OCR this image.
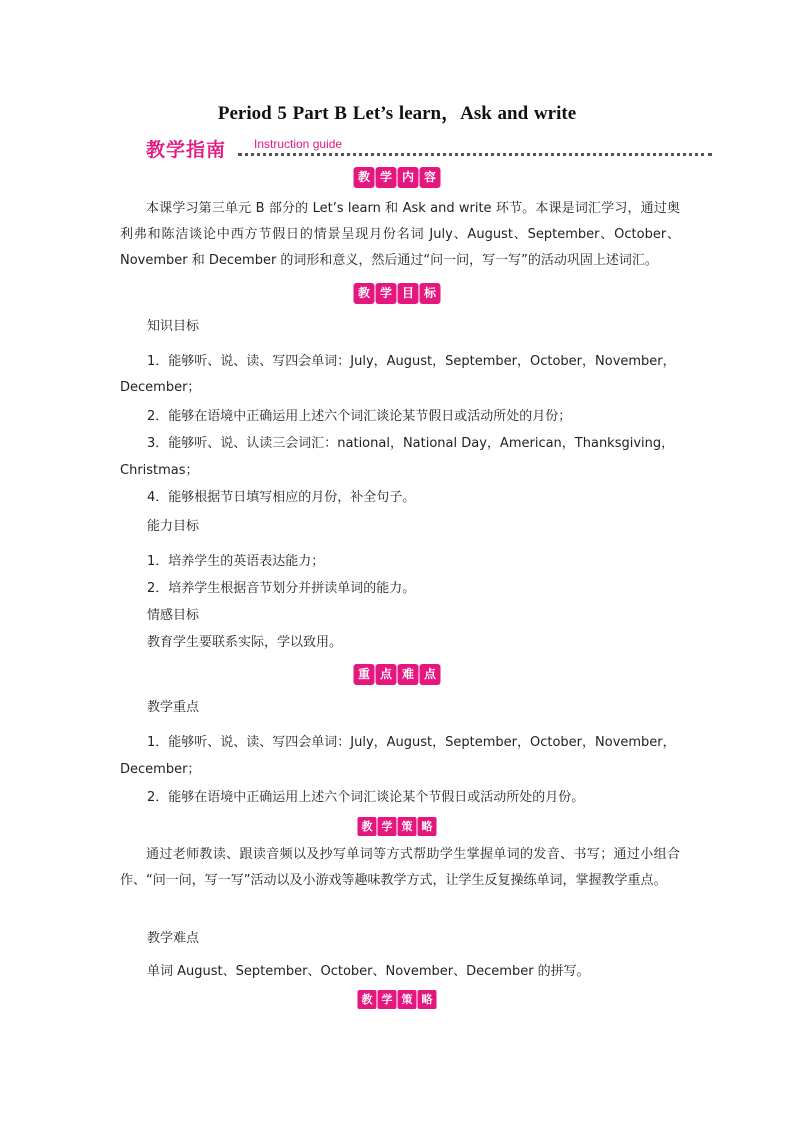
Period 5 Part B Let’s learn，Ask and write
教学指南 Instruction guide
教 学 内 容
本课学习第三单元 B 部分的 Let’s learn 和 Ask and write 环节。本课是词汇学习，通过奥利弗和陈洁谈论中西方节假日的情景呈现月份名词 July、August、September、October、November 和 December 的词形和意义，然后通过“问一问，写一写”的活动巩固上述词汇。
教 学 目 标
知识目标
1．能够听、说、读、写四会单词：July，August，September，October，November，
December；
2．能够在语境中正确运用上述六个词汇谈论某节假日或活动所处的月份；
3．能够听、说、认读三会词汇：national，National Day，American，Thanksgiving，
Christmas；
4．能够根据节日填写相应的月份，补全句子。
能力目标
1．培养学生的英语表达能力；
2．培养学生根据音节划分并拼读单词的能力。
情感目标
教育学生要联系实际，学以致用。
重 点 难 点
教学重点
1．能够听、说、读、写四会单词：July，August，September，October，November，
December；
2．能够在语境中正确运用上述六个词汇谈论某个节假日或活动所处的月份。
教 学 策 略
通过老师教读、跟读音频以及抄写单词等方式帮助学生掌握单词的发音、书写；通过小组合作、“问一问，写一写”活动以及小游戏等趣味教学方式，让学生反复操练单词，掌握教学重点。
教学难点
单词 August、September、October、November、December 的拼写。
教 学 策 略
